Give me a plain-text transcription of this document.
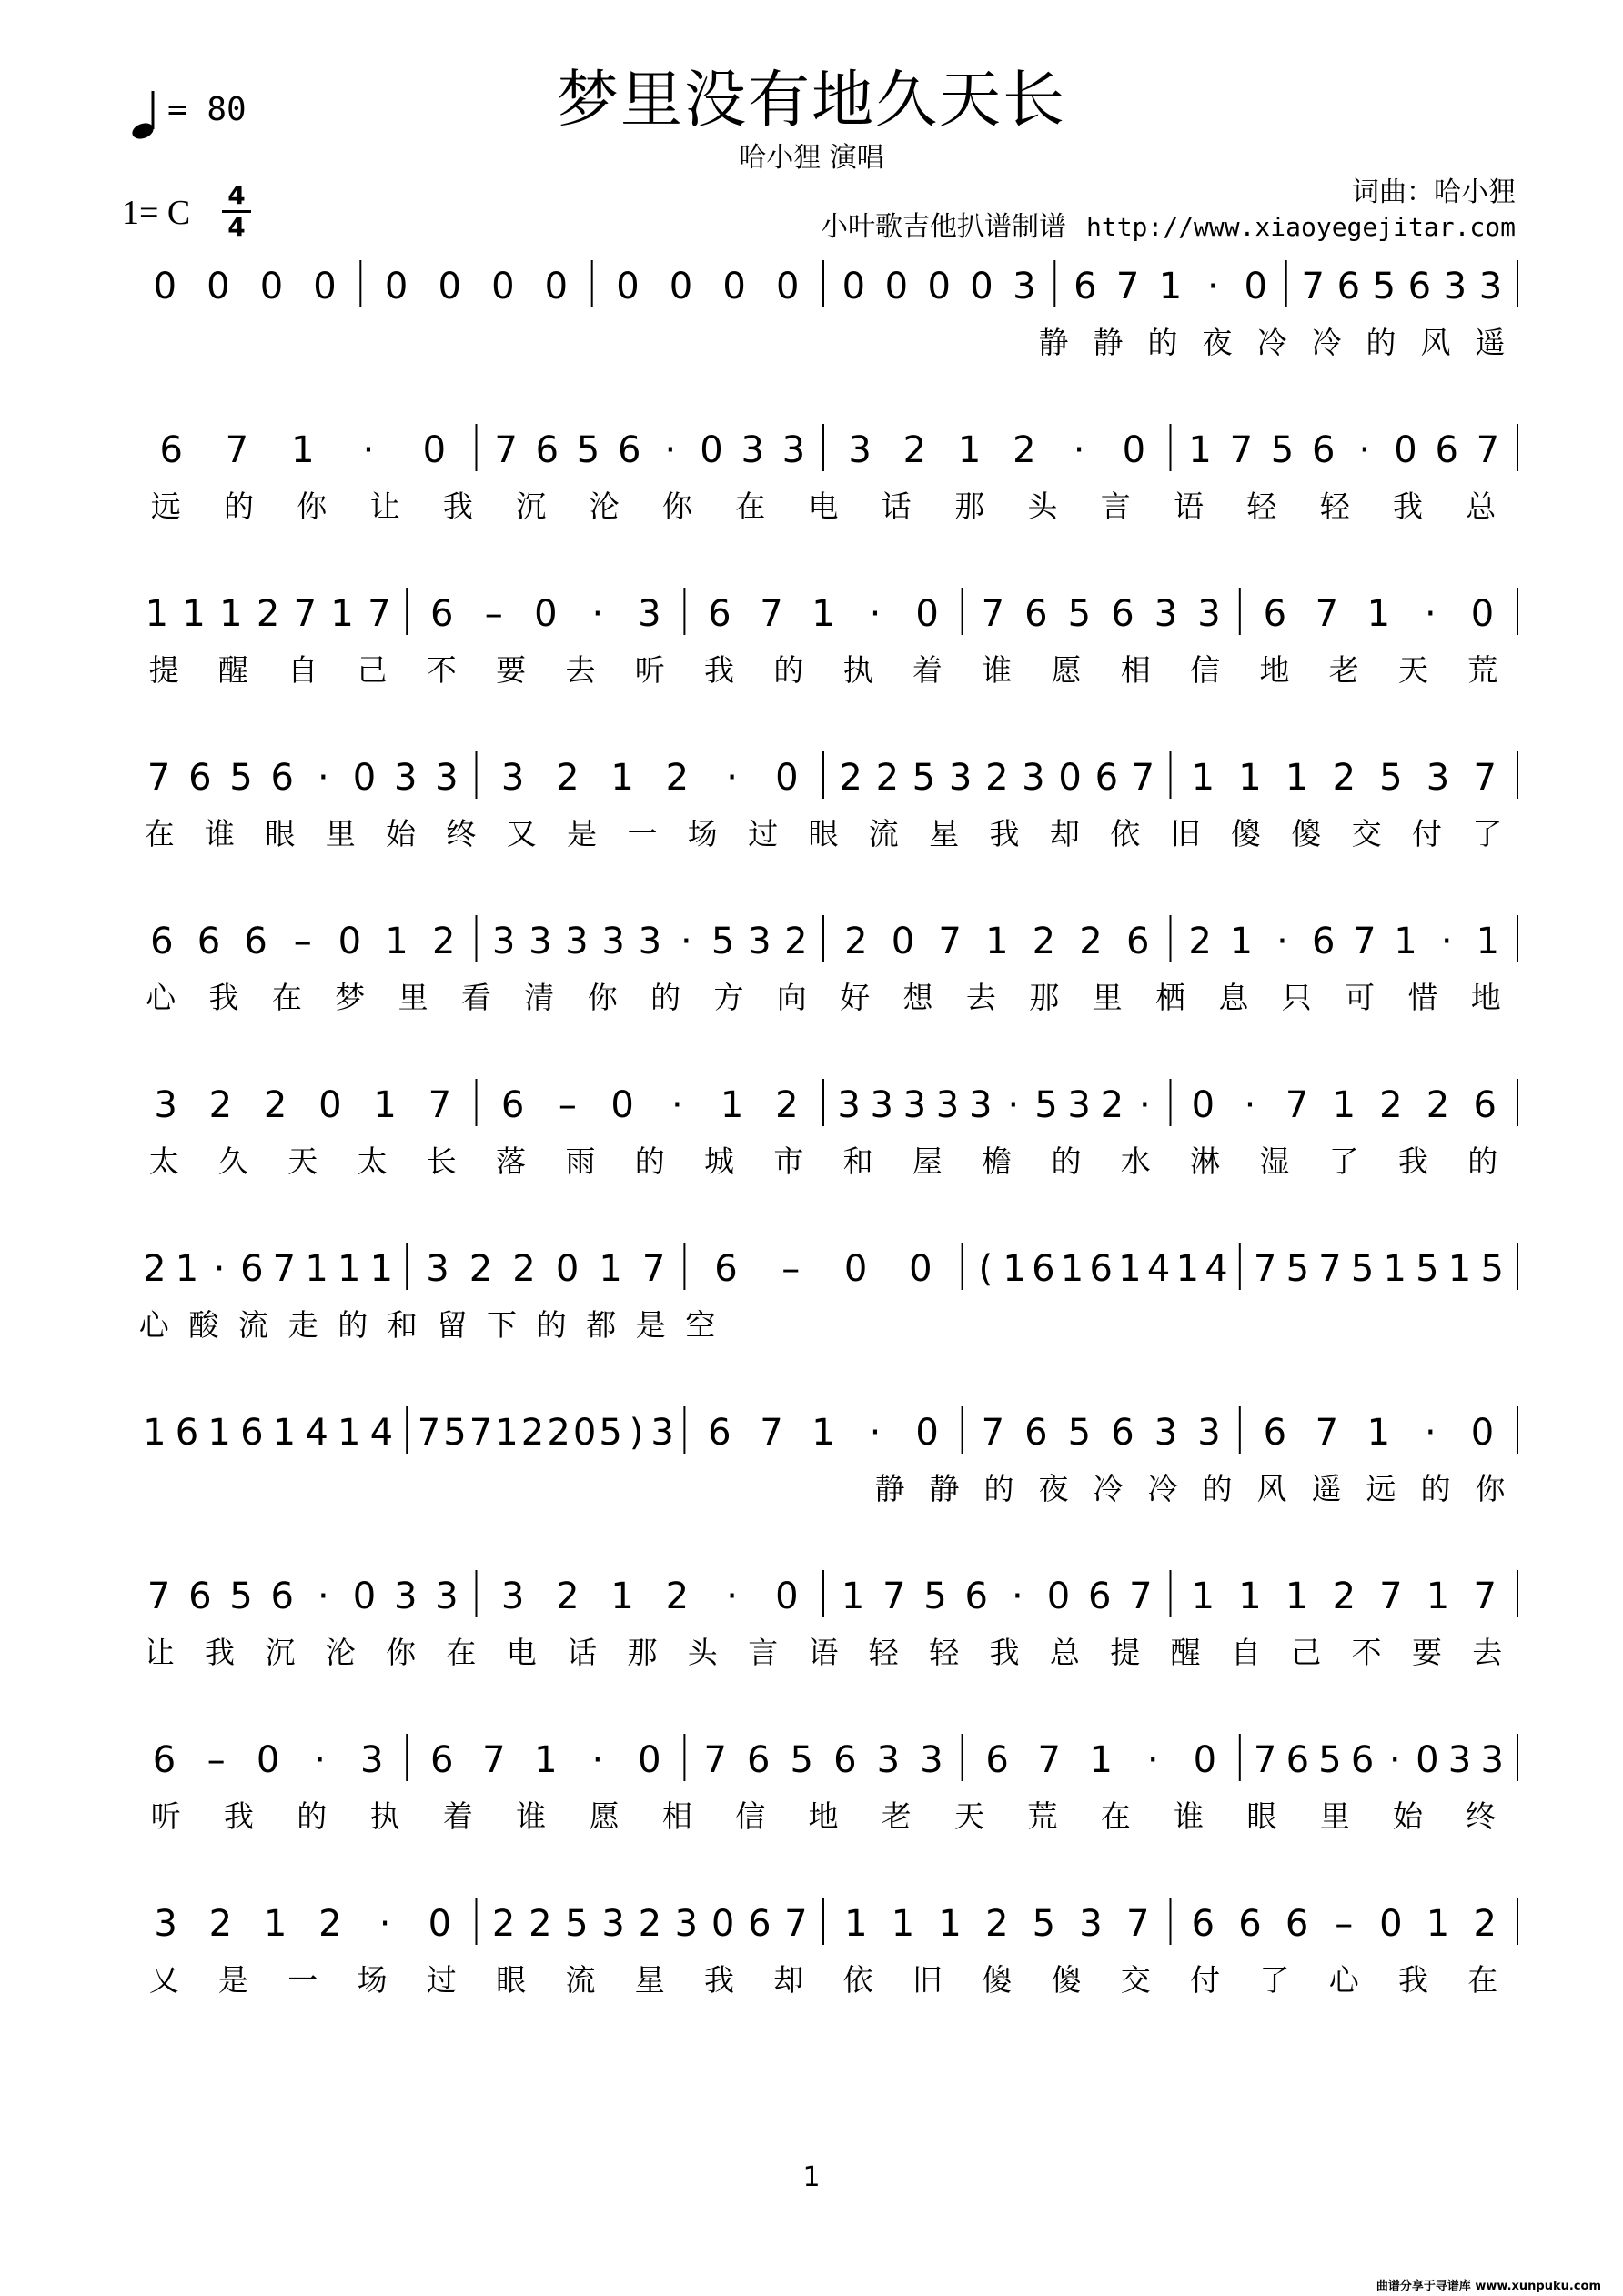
梦里没有地久天长
哈小狸 演唱
= 80
1= C	4
4
词曲：哈小狸
小叶歌吉他扒谱制谱 http://www.xiaoyegejitar.com
0 0 0 0 0 0 0 0 0 0 0 0 0 0 0 0 3 6 7 1 · 0 7 6 5 6 3 3
静 静 的 夜 冷 冷 的 风 遥
6 7 1 · 0 7 6 5 6 · 0 3 3 3 2 1 2 · 0 1 7 5 6 · 0 6 7
远 的 你 让 我 沉 沦 你 在 电 话 那 头 言 语 轻 轻 我 总
1 1 1 2 7 1 7 6 – 0 · 3 6 7 1 · 0 7 6 5 6 3 3 6 7 1 · 0
提 醒 自 己 不 要 去 听 我 的 执 着 谁 愿 相 信 地 老 天 荒
7 6 5 6 · 0 3 3 3 2 1 2 · 0 2 2 5 3 2 3 0 6 7 1 1 1 2 5 3 7
在 谁 眼 里 始 终 又 是 一 场 过 眼 流 星 我 却 依 旧 傻 傻 交 付 了
6 6 6 – 0 1 2 3 3 3 3 3 · 5 3 2 2 0 7 1 2 2 6 2 1 · 6 7 1 · 1
心 我 在 梦 里 看 清 你 的 方 向 好 想 去 那 里 栖 息 只 可 惜 地
3 2 2 0 1 7 6 – 0 · 1 2 3 3 3 3 3 · 5 3 2 · 0 · 7 1 2 2 6
太 久 天 太 长 落 雨 的 城 市 和 屋 檐 的 水 淋 湿 了 我 的
2 1 · 6 7 1 1 1 3 2 2 0 1 7 6 – 0 0 ( 1 6 1 6 1 4 1 4 7 5 7 5 1 5 1 5
心 酸 流 走 的 和 留 下 的 都 是 空
1 6 1 6 1 4 1 4 7 5 7 1 2 2 0 5 ) 3 6 7 1 · 0 7 6 5 6 3 3 6 7 1 · 0
静 静 的 夜 冷 冷 的 风 遥 远 的 你
7 6 5 6 · 0 3 3 3 2 1 2 · 0 1 7 5 6 · 0 6 7 1 1 1 2 7 1 7
让 我 沉 沦 你 在 电 话 那 头 言 语 轻 轻 我 总 提 醒 自 己 不 要 去
6 – 0 · 3 6 7 1 · 0 7 6 5 6 3 3 6 7 1 · 0 7 6 5 6 · 0 3 3
听 我 的 执 着 谁 愿 相 信 地 老 天 荒 在 谁 眼 里 始 终
3 2 1 2 · 0 2 2 5 3 2 3 0 6 7 1 1 1 2 5 3 7 6 6 6 – 0 1 2
又 是 一 场 过 眼 流 星 我 却 依 旧 傻 傻 交 付 了 心 我 在
1
曲谱分享于寻谱库 www.xunpuku.com
